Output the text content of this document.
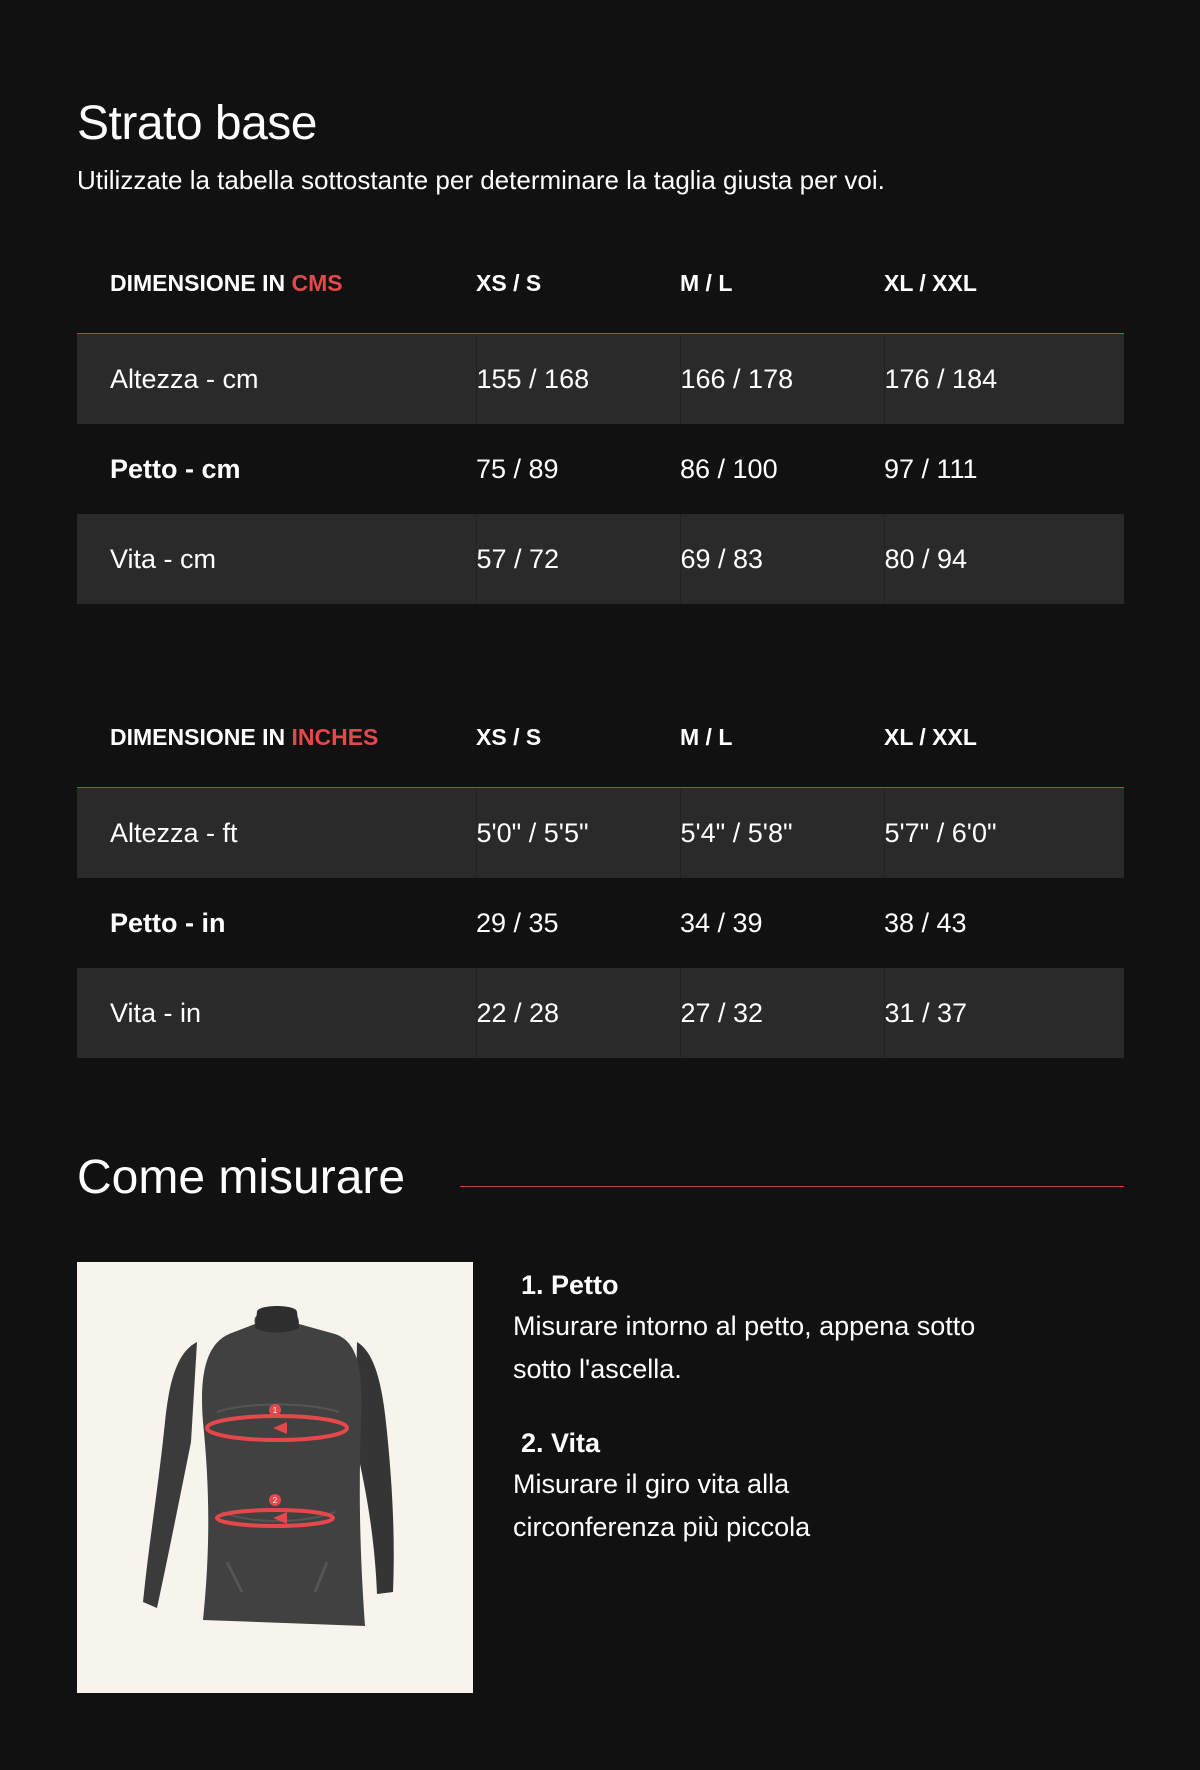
Strato base

Utilizzate la tabella sottostante per determinare la taglia giusta per voi.

DIMENSIONE IN CMS	XS / S	M / L	XL / XXL
Altezza - cm	155 / 168	166 / 178	176 / 184
Petto - cm	75 / 89	86 / 100	97 / 111
Vita - cm	57 / 72	69 / 83	80 / 94
DIMENSIONE IN INCHES	XS / S	M / L	XL / XXL
Altezza - ft	5'0" / 5'5"	5'4" / 5'8"	5'7" / 6'0"
Petto - in	29 / 35	34 / 39	38 / 43
Vita - in	22 / 28	27 / 32	31 / 37
Come misurare
1
2
1. Petto
Misurare intorno al petto, appena sotto
sotto l'ascella.
2. Vita
Misurare il giro vita alla
circonferenza più piccola
